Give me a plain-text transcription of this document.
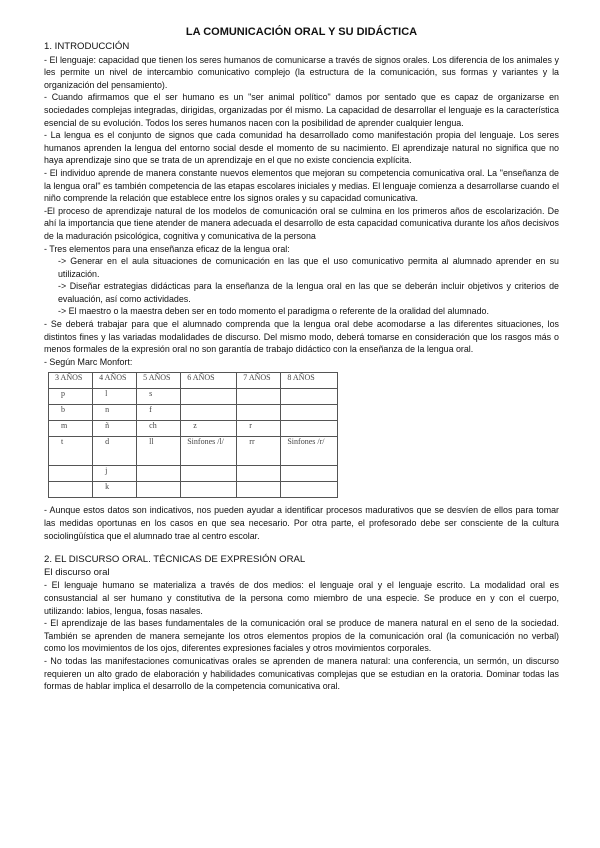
LA COMUNICACIÓN ORAL Y SU DIDÁCTICA
1. INTRODUCCIÓN

- El lenguaje: capacidad que tienen los seres humanos de comunicarse a través de signos orales. Los diferencia de los animales y les permite un nivel de intercambio comunicativo complejo (la estructura de la comunicación, sus formas y variantes y la organización del pensamiento).

- Cuando afirmamos que el ser humano es un "ser animal político" damos por sentado que es capaz de organizarse en sociedades complejas integradas, dirigidas, organizadas por él mismo. La capacidad de desarrollar el lenguaje es la característica esencial de su evolución. Todos los seres humanos nacen con la posibilidad de aprender cualquier lengua.

- La lengua es el conjunto de signos que cada comunidad ha desarrollado como manifestación propia del lenguaje. Los seres humanos aprenden la lengua del entorno social desde el momento de su nacimiento. El aprendizaje natural no significa que no haya aprendizaje sino que se trata de un aprendizaje en el que no existe conciencia explícita.

- El individuo aprende de manera constante nuevos elementos que mejoran su competencia comunicativa oral. La "enseñanza de la lengua oral" es también competencia de las etapas escolares iniciales y medias. El lenguaje comienza a desarrollarse cuando el niño comprende la relación que establece entre los signos orales y su capacidad comunicativa.

-El proceso de aprendizaje natural de los modelos de comunicación oral se culmina en los primeros años de escolarización. De ahí la importancia que tiene atender de manera adecuada el desarrollo de esta capacidad comunicativa durante los años decisivos de la maduración psicológica, cognitiva y comunicativa de la persona

- Tres elementos para una enseñanza eficaz de la lengua oral:

-> Generar en el aula situaciones de comunicación en las que el uso comunicativo permita al alumnado aprender en su utilización.

-> Diseñar estrategias didácticas para la enseñanza de la lengua oral en las que se deberán incluir objetivos y criterios de evaluación, así como actividades.

-> El maestro o la maestra deben ser en todo momento el paradigma o referente de la oralidad del alumnado.

- Se deberá trabajar para que el alumnado comprenda que la lengua oral debe acomodarse a las diferentes situaciones, los distintos fines y las variadas modalidades de discurso. Del mismo modo, deberá tomarse en consideración que los rasgos más o menos formales de la expresión oral no son garantía de trabajo didáctico con la enseñanza de la lengua oral.

- Según Marc Monfort:

3 AÑOS	4 AÑOS	5 AÑOS	6 AÑOS	7 AÑOS	8 AÑOS
p	l	s			
b	n	f			
m	ñ	ch	z	r	
t	d	ll	Sinfones /l/	rr	Sinfones /r/
	j				
	k				

- Aunque estos datos son indicativos, nos pueden ayudar a identificar procesos madurativos que se desvíen de ellos para tomar las medidas oportunas en los casos en que sea necesario. Por otra parte, el profesorado debe ser consciente de la cultura sociolingüística que el alumnado trae al centro escolar.

2. EL DISCURSO ORAL. TÉCNICAS DE EXPRESIÓN ORAL
El discurso oral

- El lenguaje humano se materializa a través de dos medios: el lenguaje oral y el lenguaje escrito. La modalidad oral es consustancial al ser humano y constitutiva de la persona como miembro de una especie. Se produce en y con el cuerpo, utilizando: labios, lengua, fosas nasales.

- El aprendizaje de las bases fundamentales de la comunicación oral se produce de manera natural en el seno de la sociedad. También se aprenden de manera semejante los otros elementos propios de la comunicación oral (la comunicación no verbal) como los movimientos de los ojos, diferentes expresiones faciales y otros movimientos corporales.

- No todas las manifestaciones comunicativas orales se aprenden de manera natural: una conferencia, un sermón, un discurso requieren un alto grado de elaboración y habilidades comunicativas complejas que se estudian en la oratoria. Dominar todas las formas de hablar implica el desarrollo de la competencia comunicativa oral.
